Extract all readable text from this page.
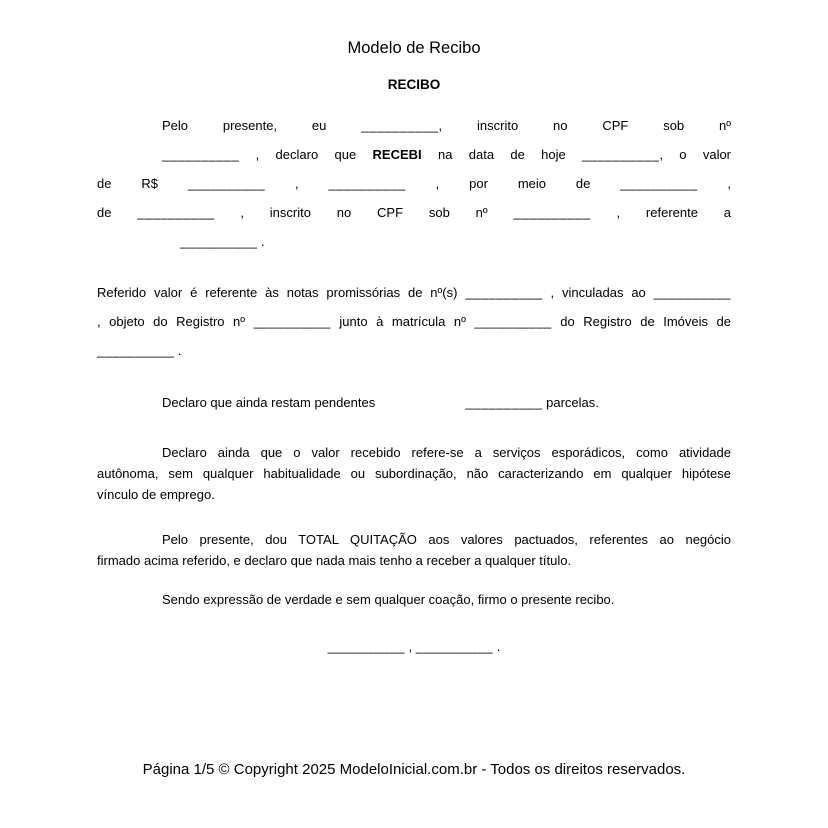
Modelo de Recibo
RECIBO
Pelo presente, eu __________, inscrito no CPF sob nº
__________ , declaro que RECEBI na data de hoje __________, o valor
de R$ __________ , __________ , por meio de __________ ,
de __________ , inscrito no CPF sob nº __________ , referente a
__________ .
Referido valor é referente às notas promissórias de nº(s) __________ , vinculadas ao __________
, objeto do Registro nº __________ junto à matrícula nº __________ do Registro de Imóveis de
__________ .
Declaro que ainda restam pendentes	__________ parcelas.
Declaro ainda que o valor recebido refere-se a serviços esporádicos, como atividade
autônoma, sem qualquer habitualidade ou subordinação, não caracterizando em qualquer hipótese
vínculo de emprego.
Pelo presente, dou TOTAL QUITAÇÃO aos valores pactuados, referentes ao negócio
firmado acima referido, e declaro que nada mais tenho a receber a qualquer título.
Sendo expressão de verdade e sem qualquer coação, firmo o presente recibo.
__________ , __________ .
Página 1/5 © Copyright 2025 ModeloInicial.com.br - Todos os direitos reservados.
